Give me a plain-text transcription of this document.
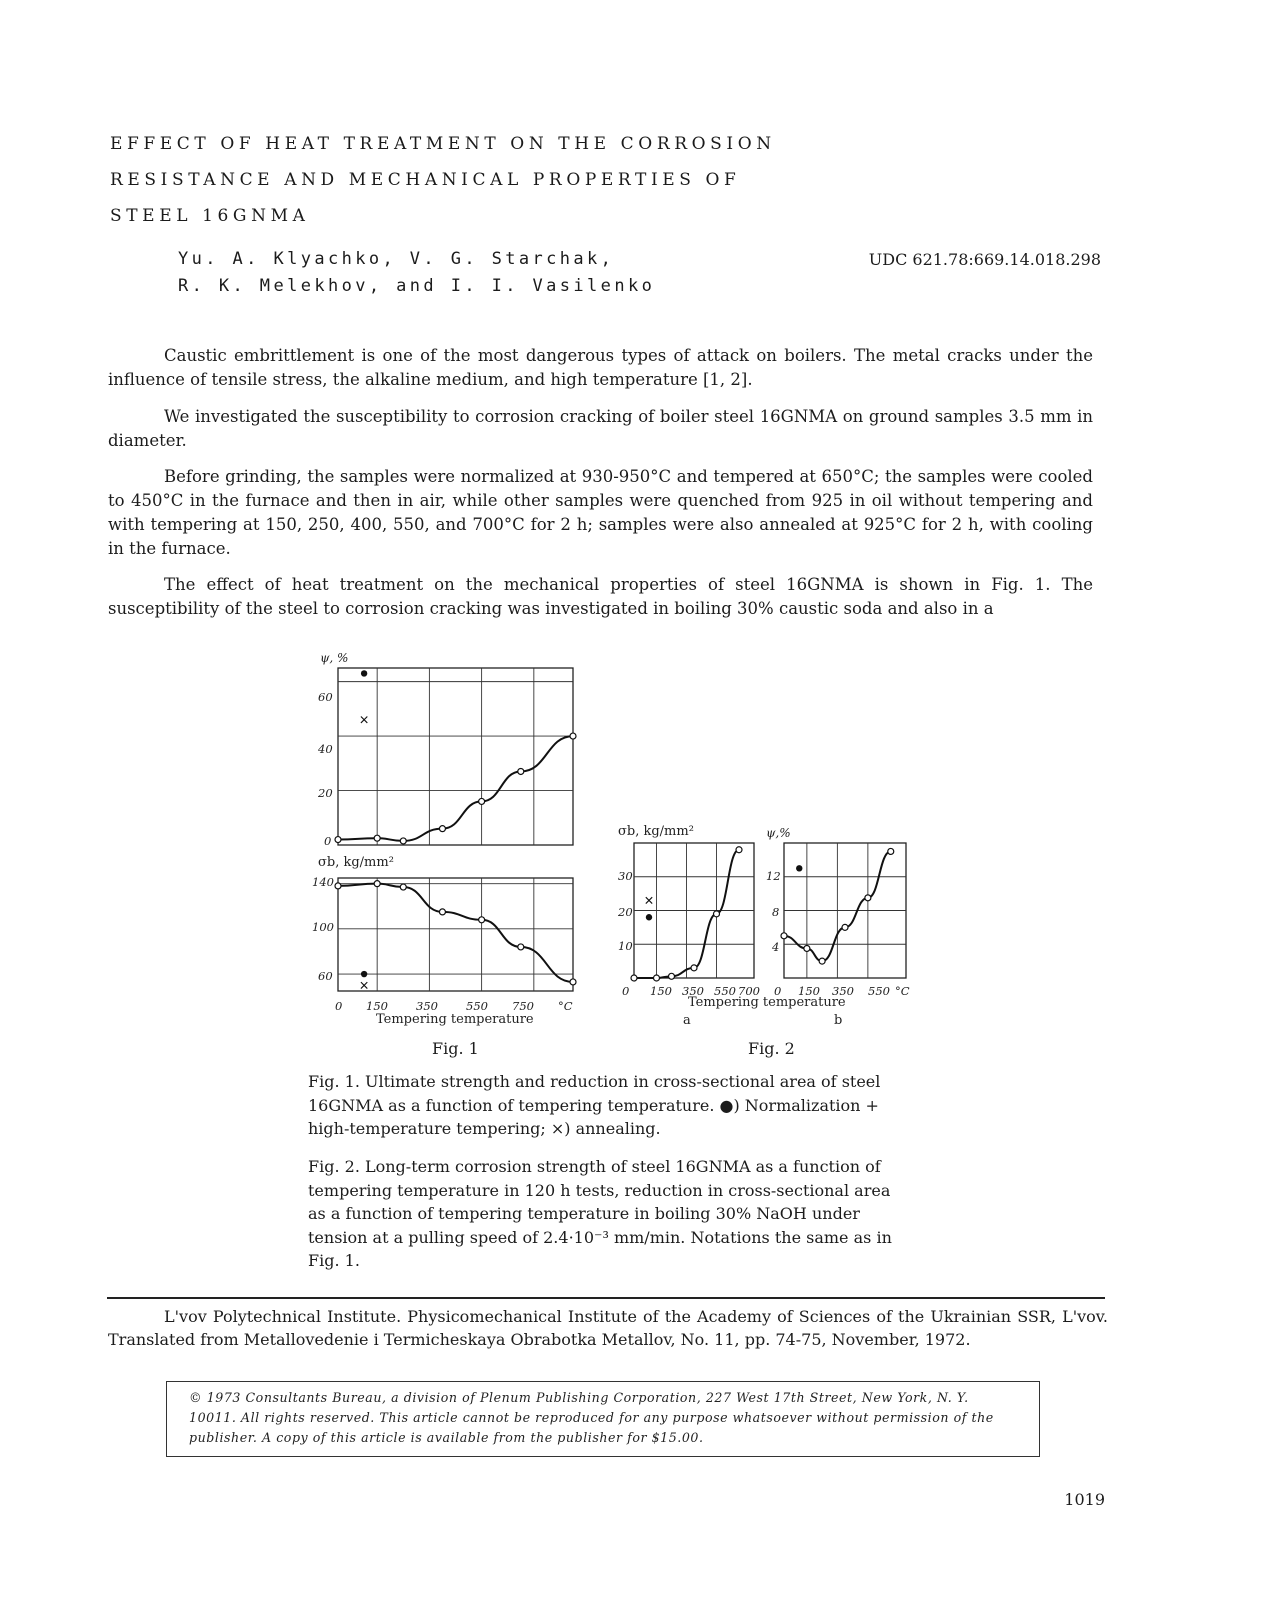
EFFECT OF HEAT TREATMENT ON THE CORROSION
RESISTANCE AND MECHANICAL PROPERTIES OF
STEEL 16GNMA
Yu. A. Klyachko, V. G. Starchak,
R. K. Melekhov, and I. I. Vasilenko
UDC 621.78:669.14.018.298

Caustic embrittlement is one of the most dangerous types of attack on boilers. The metal cracks under the influence of tensile stress, the alkaline medium, and high temperature [1, 2].

We investigated the susceptibility to corrosion cracking of boiler steel 16GNMA on ground samples 3.5 mm in diameter.

Before grinding, the samples were normalized at 930-950°C and tempered at 650°C; the samples were cooled to 450°C in the furnace and then in air, while other samples were quenched from 925 in oil without tempering and with tempering at 150, 250, 400, 550, and 700°C for 2 h; samples were also annealed at 925°C for 2 h, with cooling in the furnace.

The effect of heat treatment on the mechanical properties of steel 16GNMA is shown in Fig. 1. The susceptibility of the steel to corrosion cracking was investigated in boiling 30% caustic soda and also in a

ψ, %
60
40
20
0
σb, kg/mm²
140
100
60
0 150 350 550 750 °C
Tempering temperature
Fig. 1
σb, kg/mm²
30
20
10
0 150 350 550 700
ψ,%
12
8
4
0 150 350 550 °C
Tempering temperature
a	b
Fig. 2
Fig. 1. Ultimate strength and reduction in cross-sectional area of steel 16GNMA as a function of tempering temperature. ●) Normalization + high-temperature tempering; ×) annealing.
Fig. 2. Long-term corrosion strength of steel 16GNMA as a function of tempering temperature in 120 h tests, reduction in cross-sectional area as a function of tempering temperature in boiling 30% NaOH under tension at a pulling speed of 2.4·10⁻³ mm/min. Notations the same as in Fig. 1.

L'vov Polytechnical Institute. Physicomechanical Institute of the Academy of Sciences of the Ukrainian SSR, L'vov. Translated from Metallovedenie i Termicheskaya Obrabotka Metallov, No. 11, pp. 74-75, November, 1972.

© 1973 Consultants Bureau, a division of Plenum Publishing Corporation, 227 West 17th Street, New York, N. Y. 10011. All rights reserved. This article cannot be reproduced for any purpose whatsoever without permission of the publisher. A copy of this article is available from the publisher for $15.00.
1019
